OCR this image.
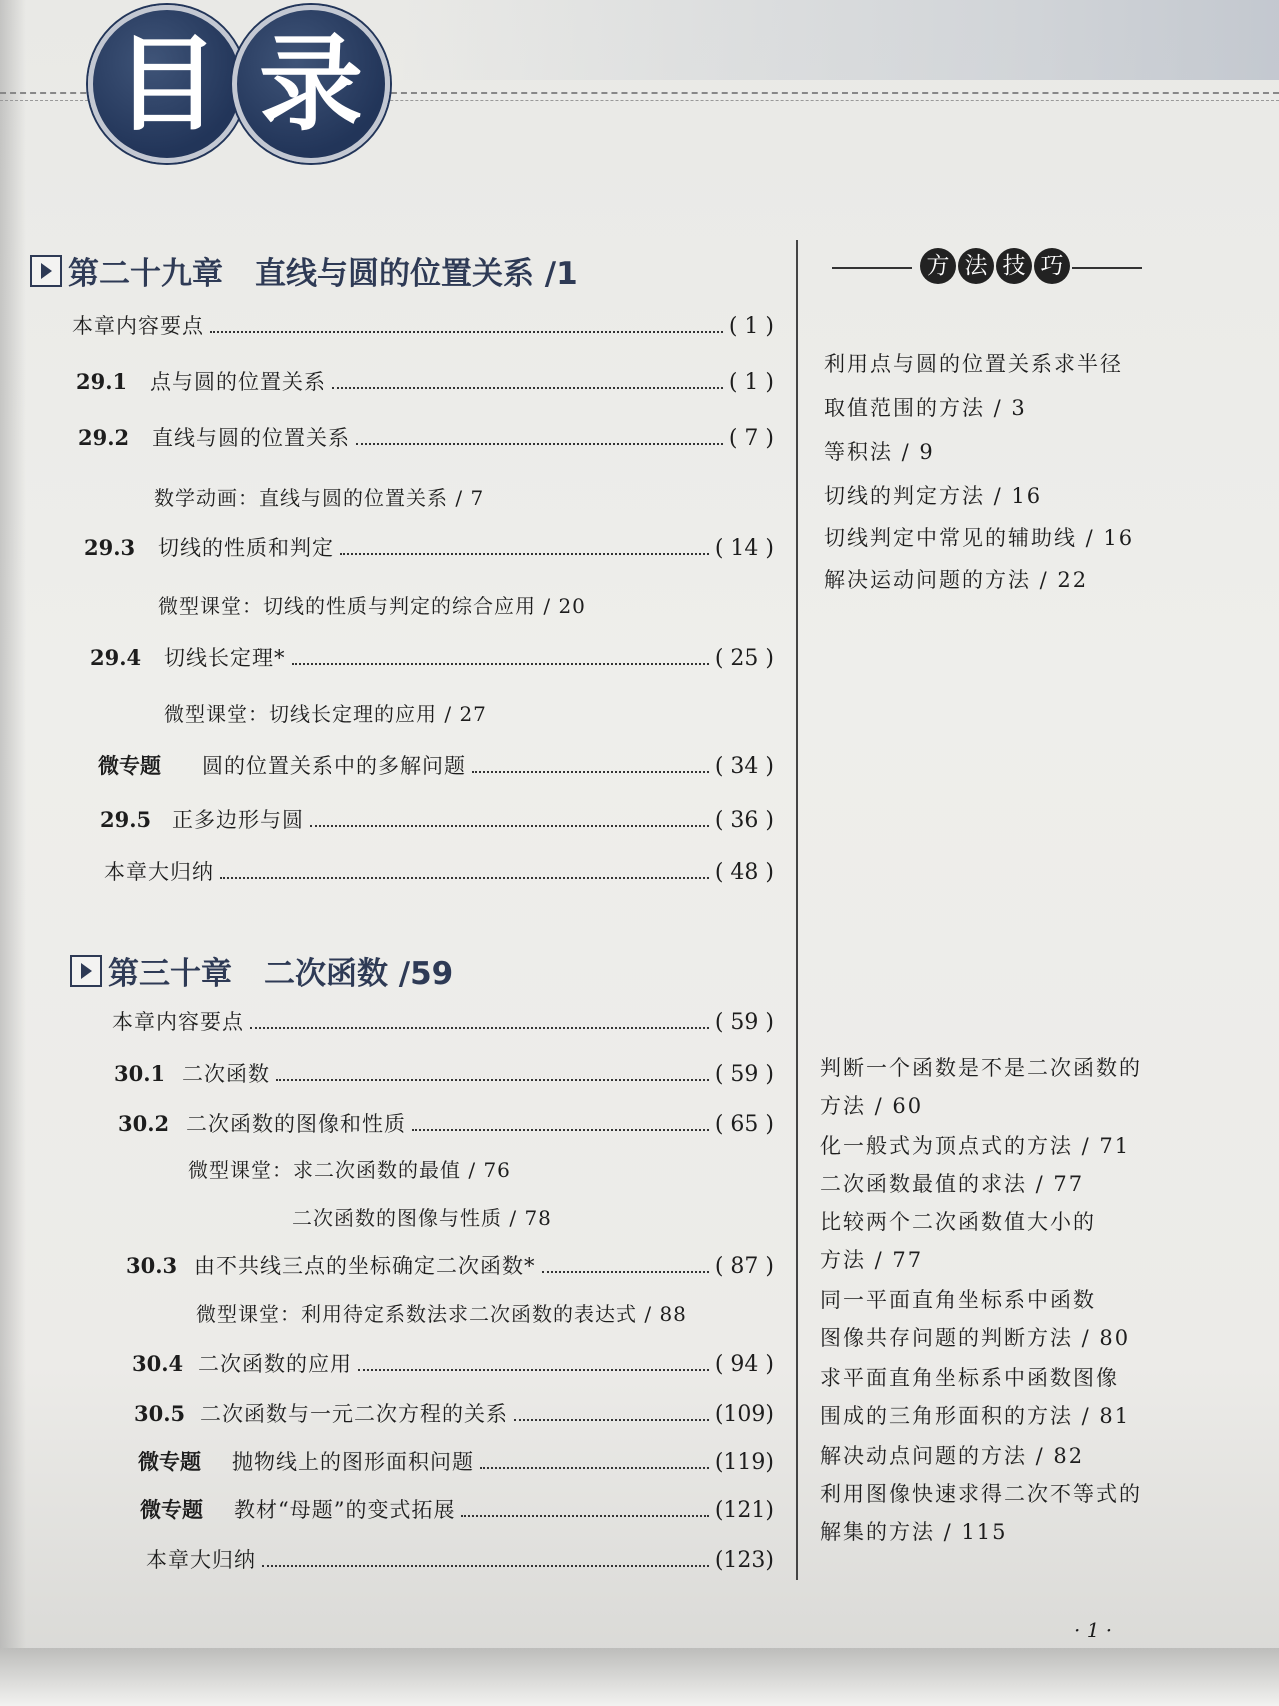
目 录
第二十九章 直线与圆的位置关系 /1
本章内容要点	( 1 )
29.1	点与圆的位置关系	( 1 )
29.2	直线与圆的位置关系	( 7 )
数学动画：直线与圆的位置关系 / 7
29.3	切线的性质和判定	( 14 )
微型课堂：切线的性质与判定的综合应用 / 20
29.4	切线长定理*	( 25 )
微型课堂：切线长定理的应用 / 27
微专题	圆的位置关系中的多解问题	( 34 )
29.5 正多边形与圆	( 36 )
本章大归纳	( 48 )
第三十章 二次函数 /59
本章内容要点	( 59 )
30.1 二次函数	( 59 )
30.2 二次函数的图像和性质	( 65 )
微型课堂：求二次函数的最值 / 76
二次函数的图像与性质 / 78
30.3 由不共线三点的坐标确定二次函数*	( 87 )
微型课堂：利用待定系数法求二次函数的表达式 / 88
30.4 二次函数的应用	( 94 )
30.5 二次函数与一元二次方程的关系	(109)
微专题	抛物线上的图形面积问题	(119)
微专题	教材“母题”的变式拓展	(121)
本章大归纳	(123)
方 法 技 巧
利用点与圆的位置关系求半径
取值范围的方法 / 3
等积法 / 9
切线的判定方法 / 16
切线判定中常见的辅助线 / 16
解决运动问题的方法 / 22
判断一个函数是不是二次函数的
方法 / 60
化一般式为顶点式的方法 / 71
二次函数最值的求法 / 77
比较两个二次函数值大小的
方法 / 77
同一平面直角坐标系中函数
图像共存问题的判断方法 / 80
求平面直角坐标系中函数图像
围成的三角形面积的方法 / 81
解决动点问题的方法 / 82
利用图像快速求得二次不等式的
解集的方法 / 115
· 1 ·
